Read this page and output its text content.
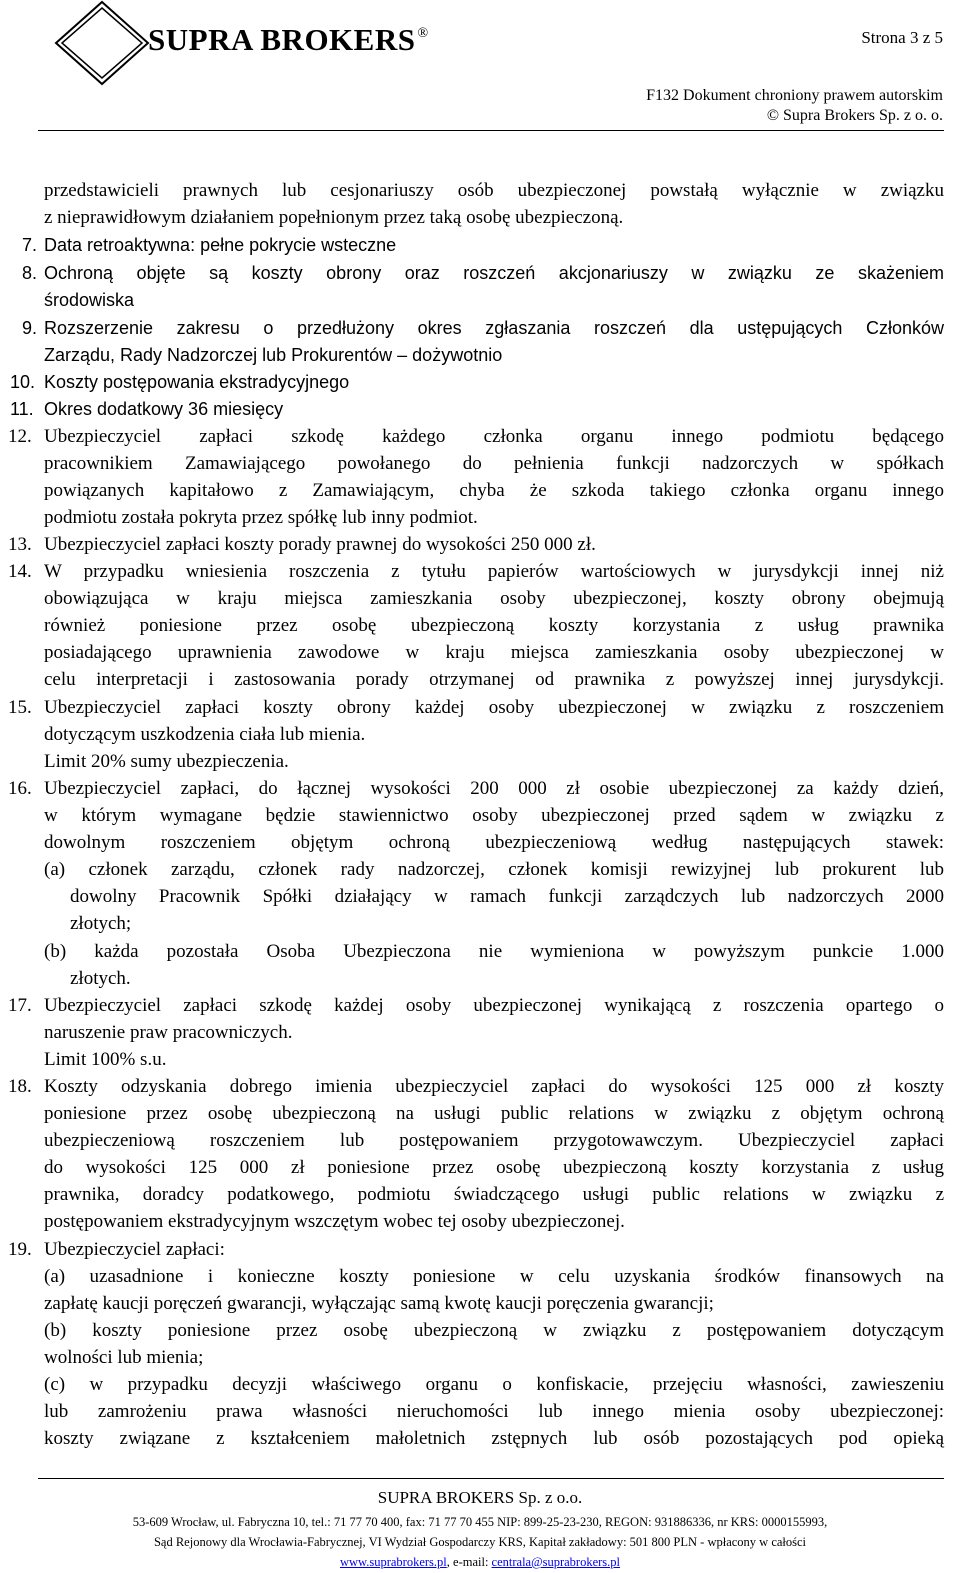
SUPRA BROKERS ®	Strona 3 z 5
F132 Dokument chroniony prawem autorskim
© Supra Brokers Sp. z o. o.
przedstawicieli prawnych lub cesjonariuszy osób ubezpieczonej powstałą wyłącznie w związku
z nieprawidłowym działaniem popełnionym przez taką osobę ubezpieczoną.
7. Data retroaktywna: pełne pokrycie wsteczne
8. Ochroną objęte są koszty obrony oraz roszczeń akcjonariuszy w związku ze skażeniem
środowiska
9. Rozszerzenie zakresu o przedłużony okres zgłaszania roszczeń dla ustępujących Członków
Zarządu, Rady Nadzorczej lub Prokurentów – dożywotnio
10. Koszty postępowania ekstradycyjnego
11. Okres dodatkowy 36 miesięcy
12. Ubezpieczyciel zapłaci szkodę każdego członka organu innego podmiotu będącego
pracownikiem Zamawiającego powołanego do pełnienia funkcji nadzorczych w spółkach
powiązanych kapitałowo z Zamawiającym, chyba że szkoda takiego członka organu innego
podmiotu została pokryta przez spółkę lub inny podmiot.
13. Ubezpieczyciel zapłaci koszty porady prawnej do wysokości 250 000 zł.
14. W przypadku wniesienia roszczenia z tytułu papierów wartościowych w jurysdykcji innej niż
obowiązująca w kraju miejsca zamieszkania osoby ubezpieczonej, koszty obrony obejmują
również poniesione przez osobę ubezpieczoną koszty korzystania z usług prawnika
posiadającego uprawnienia zawodowe w kraju miejsca zamieszkania osoby ubezpieczonej w
celu interpretacji i zastosowania porady otrzymanej od prawnika z powyższej innej jurysdykcji.
15. Ubezpieczyciel zapłaci koszty obrony każdej osoby ubezpieczonej w związku z roszczeniem
dotyczącym uszkodzenia ciała lub mienia.
Limit 20% sumy ubezpieczenia.
16. Ubezpieczyciel zapłaci, do łącznej wysokości 200 000 zł osobie ubezpieczonej za każdy dzień,
w którym wymagane będzie stawiennictwo osoby ubezpieczonej przed sądem w związku z
dowolnym roszczeniem objętym ochroną ubezpieczeniową według następujących stawek:
(a) członek zarządu, członek rady nadzorczej, członek komisji rewizyjnej lub prokurent lub
dowolny Pracownik Spółki działający w ramach funkcji zarządczych lub nadzorczych 2000
złotych;
(b) każda pozostała Osoba Ubezpieczona nie wymieniona w powyższym punkcie 1.000
złotych.
17. Ubezpieczyciel zapłaci szkodę każdej osoby ubezpieczonej wynikającą z roszczenia opartego o
naruszenie praw pracowniczych.
Limit 100% s.u.
18. Koszty odzyskania dobrego imienia ubezpieczyciel zapłaci do wysokości 125 000 zł koszty
poniesione przez osobę ubezpieczoną na usługi public relations w związku z objętym ochroną
ubezpieczeniową roszczeniem lub postępowaniem przygotowawczym. Ubezpieczyciel zapłaci
do wysokości 125 000 zł poniesione przez osobę ubezpieczoną koszty korzystania z usług
prawnika, doradcy podatkowego, podmiotu świadczącego usługi public relations w związku z
postępowaniem ekstradycyjnym wszczętym wobec tej osoby ubezpieczonej.
19. Ubezpieczyciel zapłaci:
(a) uzasadnione i konieczne koszty poniesione w celu uzyskania środków finansowych na
zapłatę kaucji poręczeń gwarancji, wyłączając samą kwotę kaucji poręczenia gwarancji;
(b) koszty poniesione przez osobę ubezpieczoną w związku z postępowaniem dotyczącym
wolności lub mienia;
(c) w przypadku decyzji właściwego organu o konfiskacie, przejęciu własności, zawieszeniu
lub zamrożeniu prawa własności nieruchomości lub innego mienia osoby ubezpieczonej:
koszty związane z kształceniem małoletnich zstępnych lub osób pozostających pod opieką
SUPRA BROKERS Sp. z o.o.
53-609 Wrocław, ul. Fabryczna 10, tel.: 71 77 70 400, fax: 71 77 70 455 NIP: 899-25-23-230, REGON: 931886336, nr KRS: 0000155993,
Sąd Rejonowy dla Wrocławia-Fabrycznej, VI Wydział Gospodarczy KRS, Kapitał zakładowy: 501 800 PLN - wpłacony w całości
www.suprabrokers.pl, e-mail: centrala@suprabrokers.pl
